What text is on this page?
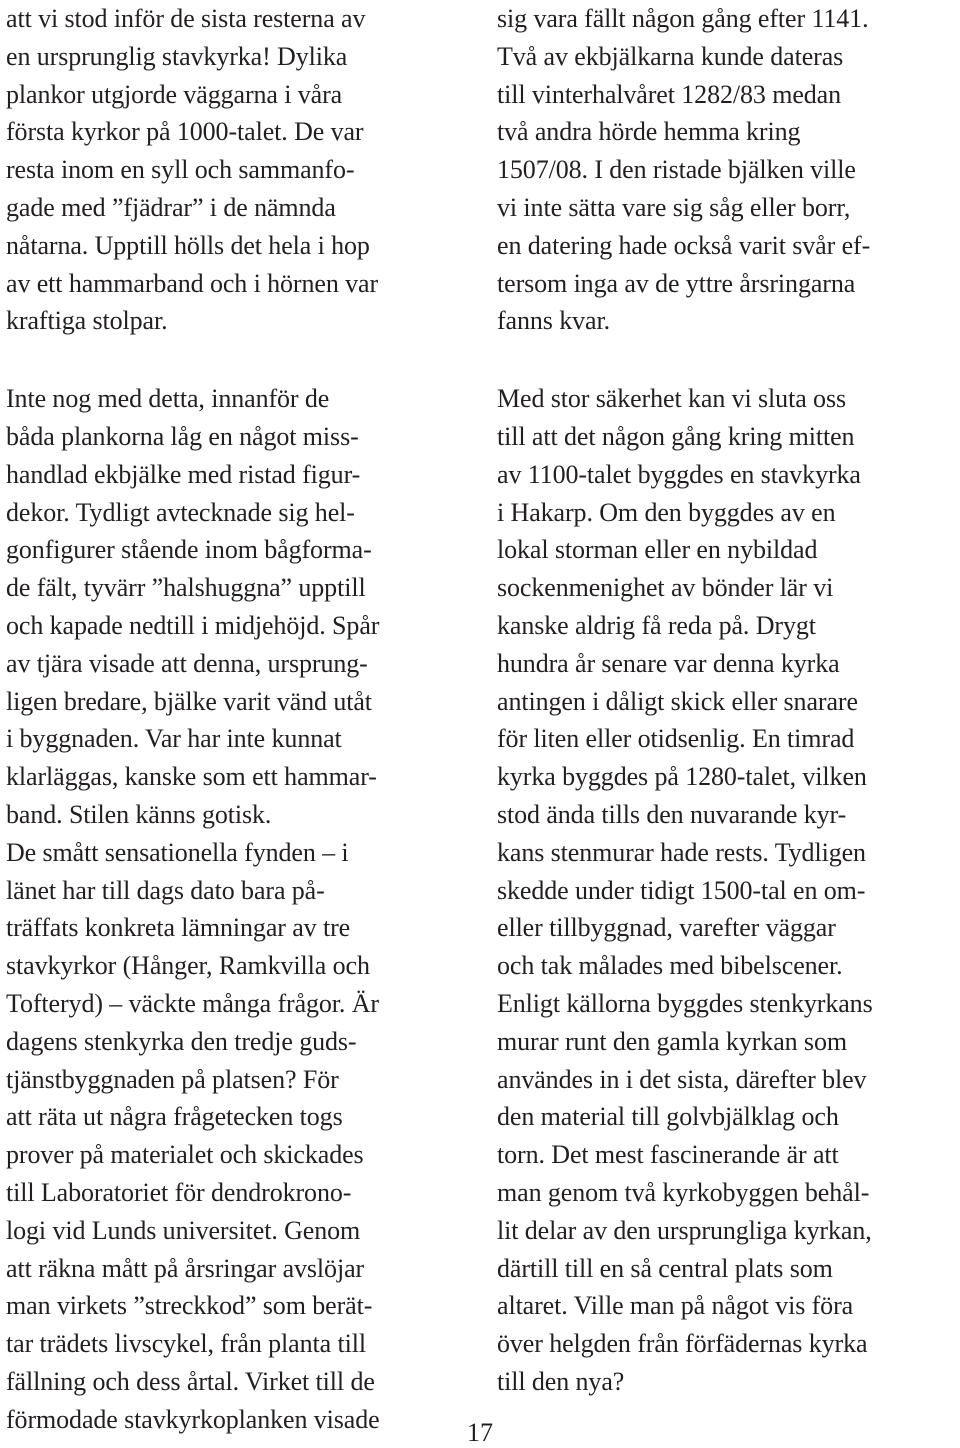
att vi stod inför de sista resterna av
en ursprunglig stavkyrka! Dylika
plankor utgjorde väggarna i våra
första kyrkor på 1000-talet. De var
resta inom en syll och sammanfo-
gade med ”fjädrar” i de nämnda
nåtarna. Upptill hölls det hela i hop
av ett hammarband och i hörnen var
kraftiga stolpar.
Inte nog med detta, innanför de
båda plankorna låg en något miss-
handlad ekbjälke med ristad figur-
dekor. Tydligt avtecknade sig hel-
gonfigurer stående inom bågforma-
de fält, tyvärr ”halshuggna” upptill
och kapade nedtill i midjehöjd. Spår
av tjära visade att denna, ursprung-
ligen bredare, bjälke varit vänd utåt
i byggnaden. Var har inte kunnat
klarläggas, kanske som ett hammar-
band. Stilen känns gotisk.
De smått sensationella fynden – i
länet har till dags dato bara på-
träffats konkreta lämningar av tre
stavkyrkor (Hånger, Ramkvilla och
Tofteryd) – väckte många frågor. Är
dagens stenkyrka den tredje guds-
tjänstbyggnaden på platsen? För
att räta ut några frågetecken togs
prover på materialet och skickades
till Laboratoriet för dendrokrono-
logi vid Lunds universitet. Genom
att räkna mått på årsringar avslöjar
man virkets ”streckkod” som berät-
tar trädets livscykel, från planta till
fällning och dess årtal. Virket till de
förmodade stavkyrkoplanken visade
sig vara fällt någon gång efter 1141.
Två av ekbjälkarna kunde dateras
till vinterhalvåret 1282/83 medan
två andra hörde hemma kring
1507/08. I den ristade bjälken ville
vi inte sätta vare sig såg eller borr,
en datering hade också varit svår ef-
tersom inga av de yttre årsringarna
fanns kvar.
Med stor säkerhet kan vi sluta oss
till att det någon gång kring mitten
av 1100-talet byggdes en stavkyrka
i Hakarp. Om den byggdes av en
lokal storman eller en nybildad
sockenmenighet av bönder lär vi
kanske aldrig få reda på. Drygt
hundra år senare var denna kyrka
antingen i dåligt skick eller snarare
för liten eller otidsenlig. En timrad
kyrka byggdes på 1280-talet, vilken
stod ända tills den nuvarande kyr-
kans stenmurar hade rests. Tydligen
skedde under tidigt 1500-tal en om-
eller tillbyggnad, varefter väggar
och tak målades med bibelscener.
Enligt källorna byggdes stenkyrkans
murar runt den gamla kyrkan som
användes in i det sista, därefter blev
den material till golvbjälklag och
torn. Det mest fascinerande är att
man genom två kyrkobyggen behål-
lit delar av den ursprungliga kyrkan,
därtill till en så central plats som
altaret. Ville man på något vis föra
över helgden från förfädernas kyrka
till den nya?
17
